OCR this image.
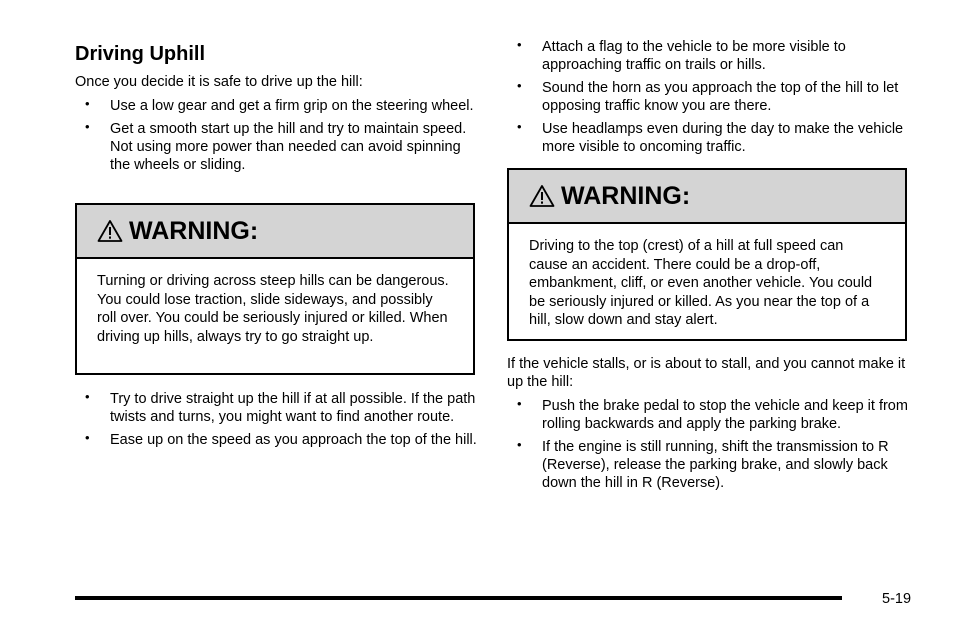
Driving Uphill

Once you decide it is safe to drive up the hill:

• Use a low gear and get a firm grip on the steering wheel.
• Get a smooth start up the hill and try to maintain speed. Not using more power than needed can avoid spinning the wheels or sliding.
WARNING:
Turning or driving across steep hills can be dangerous. You could lose traction, slide sideways, and possibly roll over. You could be seriously injured or killed. When driving up hills, always try to go straight up.
• Try to drive straight up the hill if at all possible. If the path twists and turns, you might want to find another route.
• Ease up on the speed as you approach the top of the hill.
• Attach a flag to the vehicle to be more visible to approaching traffic on trails or hills.
• Sound the horn as you approach the top of the hill to let opposing traffic know you are there.
• Use headlamps even during the day to make the vehicle more visible to oncoming traffic.
WARNING:
Driving to the top (crest) of a hill at full speed can cause an accident. There could be a drop-off, embankment, cliff, or even another vehicle. You could be seriously injured or killed. As you near the top of a hill, slow down and stay alert.

If the vehicle stalls, or is about to stall, and you cannot make it up the hill:

• Push the brake pedal to stop the vehicle and keep it from rolling backwards and apply the parking brake.
• If the engine is still running, shift the transmission to R (Reverse), release the parking brake, and slowly back down the hill in R (Reverse).
5-19
